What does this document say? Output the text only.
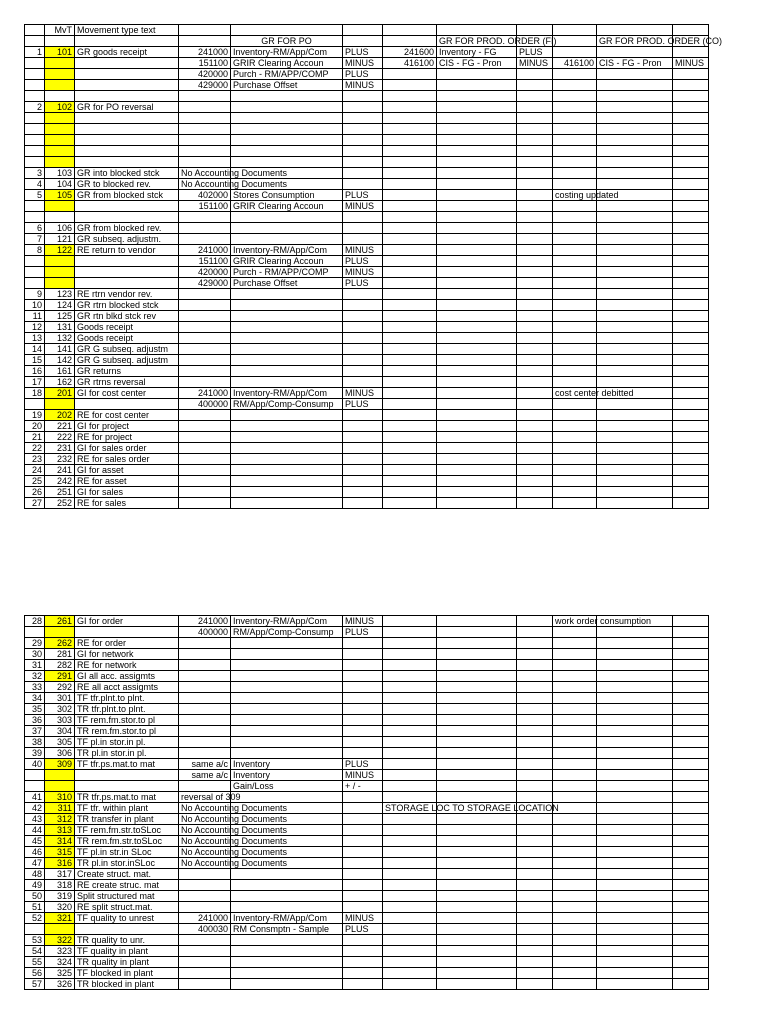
	MvT	Movement type text										
				GR FOR PO			GR FOR PROD. ORDER (FI)			GR FOR PROD. ORDER (CO)		
1	101	GR goods receipt	241000	Inventory-RM/App/Com	PLUS	241600	Inventory - FG	PLUS				
			151100	GRIR Clearing Accoun	MINUS	416100	CIS - FG - Pron	MINUS	416100	CIS - FG - Pron	MINUS	
			420000	Purch - RM/APP/COMP	PLUS							
			429000	Purchase Offset	MINUS							

2	102	GR for PO reversal										

3	103	GR into blocked stck	No Accounting Documents									
4	104	GR to blocked rev.	No Accounting Documents									
5	105	GR from blocked stck	402000	Stores Consumption	PLUS				costing updated			
			151100	GRIR Clearing Accoun	MINUS							

6	106	GR from blocked rev.										
7	121	GR subseq. adjustm.										
8	122	RE return to vendor	241000	Inventory-RM/App/Com	MINUS							
			151100	GRIR Clearing Accoun	PLUS							
			420000	Purch - RM/APP/COMP	MINUS							
			429000	Purchase Offset	PLUS							
9	123	RE rtrn vendor rev.										
10	124	GR rtrn blocked stck										
11	125	GR rtn blkd stck rev										
12	131	Goods receipt										
13	132	Goods receipt										
14	141	GR G subseq. adjustm										
15	142	GR G subseq. adjustm										
16	161	GR returns										
17	162	GR rtrns reversal										
18	201	GI for cost center	241000	Inventory-RM/App/Com	MINUS				cost center debitted			
			400000	RM/App/Comp-Consump	PLUS							
19	202	RE for cost center										
20	221	GI for project										
21	222	RE for project										
22	231	GI for sales order										
23	232	RE for sales order										
24	241	GI for asset										
25	242	RE for asset										
26	251	GI for sales										
27	252	RE for sales										
28	261	GI for order	241000	Inventory-RM/App/Com	MINUS				work order consumption			
			400000	RM/App/Comp-Consump	PLUS							
29	262	RE for order										
30	281	GI for network										
31	282	RE for network										
32	291	GI all acc. assigmts										
33	292	RE all acct assigmts										
34	301	TF tfr.plnt.to plnt.										
35	302	TR tfr.plnt.to plnt.										
36	303	TF rem.fm.stor.to pl										
37	304	TR rem.fm.stor.to pl										
38	305	TF pl.in stor.in pl.										
39	306	TR pl.in stor.in pl.										
40	309	TF tfr.ps.mat.to mat	same a/c	Inventory	PLUS							
			same a/c	Inventory	MINUS							
				Gain/Loss	+ / -							
41	310	TR tfr.ps.mat.to mat	reversal of 309									
42	311	TF tfr. within plant	No Accounting Documents			STORAGE LOC TO STORAGE LOCATION						
43	312	TR transfer in plant	No Accounting Documents									
44	313	TF rem.fm.str.toSLoc	No Accounting Documents									
45	314	TR rem.fm.str.toSLoc	No Accounting Documents									
46	315	TF pl.in str.in SLoc	No Accounting Documents									
47	316	TR pl.in stor.inSLoc	No Accounting Documents									
48	317	Create struct. mat.										
49	318	RE create struc. mat										
50	319	Split structured mat										
51	320	RE split struct.mat.										
52	321	TF quality to unrest	241000	Inventory-RM/App/Com	MINUS							
			400030	RM Consmptn - Sample	PLUS							
53	322	TR quality to unr.										
54	323	TF quality in plant										
55	324	TR quality in plant										
56	325	TF blocked in plant										
57	326	TR blocked in plant										
